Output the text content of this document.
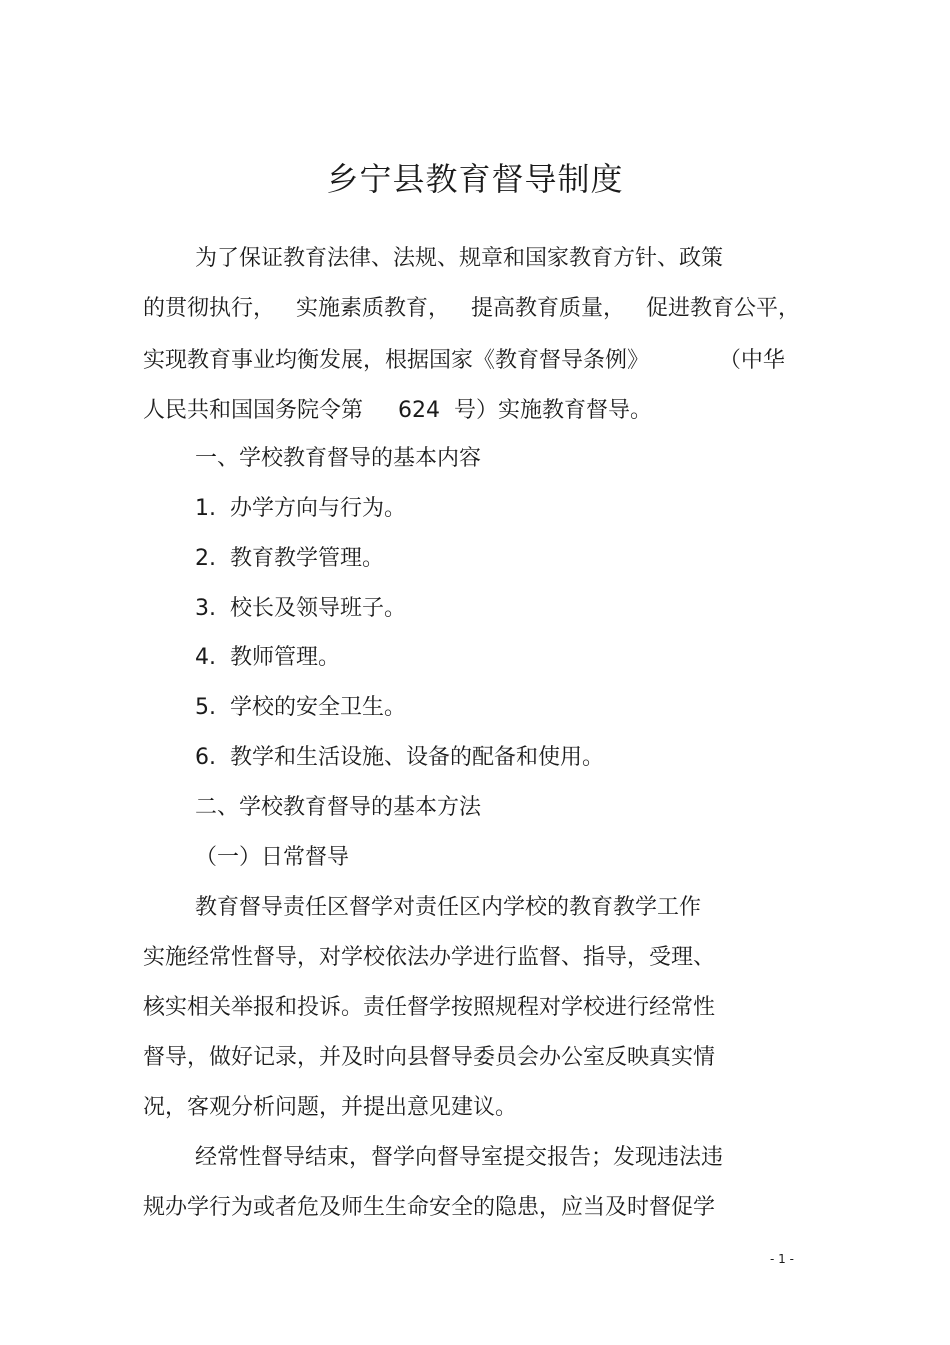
乡宁县教育督导制度
为了保证教育法律、法规、规章和国家教育方针、政策
的贯彻执行，   实施素质教育，   提高教育质量，   促进教育公平，
实现教育事业均衡发展，根据国家《教育督导条例》          （中华
人民共和国国务院令第     624  号）实施教育督导。
一、学校教育督导的基本内容
1.  办学方向与行为。
2.  教育教学管理。
3.  校长及领导班子。
4.  教师管理。
5.  学校的安全卫生。
6.  教学和生活设施、设备的配备和使用。
二、学校教育督导的基本方法
（一）日常督导
教育督导责任区督学对责任区内学校的教育教学工作
实施经常性督导，对学校依法办学进行监督、指导，受理、
核实相关举报和投诉。责任督学按照规程对学校进行经常性
督导，做好记录，并及时向县督导委员会办公室反映真实情
况，客观分析问题，并提出意见建议。
经常性督导结束，督学向督导室提交报告；发现违法违
规办学行为或者危及师生生命安全的隐患，应当及时督促学
- 1 -
